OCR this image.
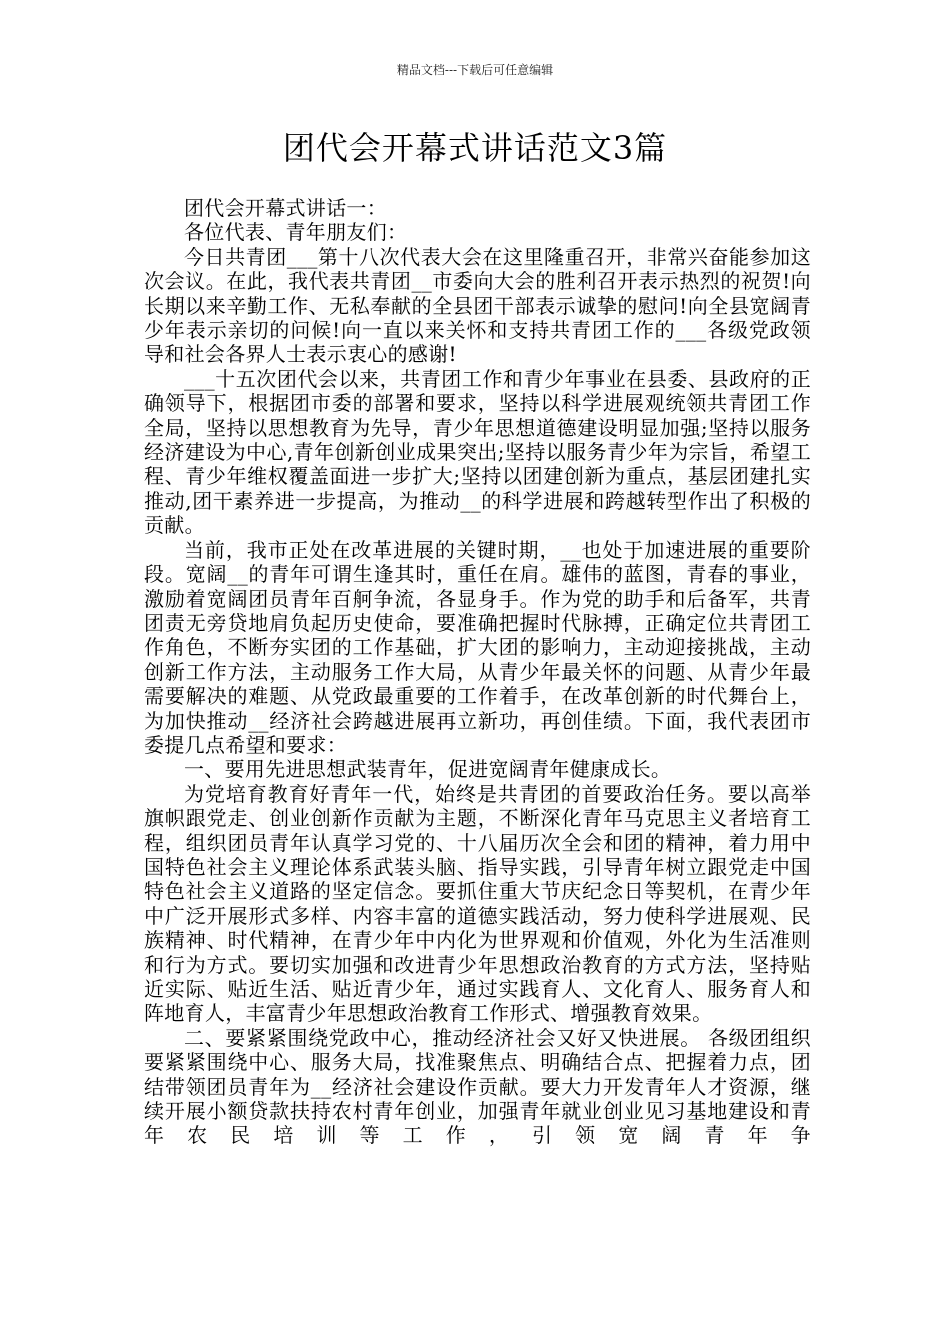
精品文档---下载后可任意编辑
团代会开幕式讲话范文3篇

团代会开幕式讲话一：

各位代表、青年朋友们：

今日共青团___第十八次代表大会在这里隆重召开，非常兴奋能参加这次会议。在此，我代表共青团__市委向大会的胜利召开表示热烈的祝贺!向长期以来辛勤工作、无私奉献的全县团干部表示诚挚的慰问!向全县宽阔青少年表示亲切的问候!向一直以来关怀和支持共青团工作的___各级党政领导和社会各界人士表示衷心的感谢!

___十五次团代会以来，共青团工作和青少年事业在县委、县政府的正确领导下，根据团市委的部署和要求，坚持以科学进展观统领共青团工作全局，坚持以思想教育为先导，青少年思想道德建设明显加强;坚持以服务经济建设为中心,青年创新创业成果突出;坚持以服务青少年为宗旨，希望工程、青少年维权覆盖面进一步扩大;坚持以团建创新为重点，基层团建扎实推动,团干素养进一步提高，为推动__的科学进展和跨越转型作出了积极的贡献。

当前，我市正处在改革进展的关键时期，__也处于加速进展的重要阶段。宽阔__的青年可谓生逢其时，重任在肩。雄伟的蓝图，青春的事业，激励着宽阔团员青年百舸争流，各显身手。作为党的助手和后备军，共青团责无旁贷地肩负起历史使命，要准确把握时代脉搏，正确定位共青团工作角色，不断夯实团的工作基础，扩大团的影响力，主动迎接挑战，主动创新工作方法，主动服务工作大局，从青少年最关怀的问题、从青少年最需要解决的难题、从党政最重要的工作着手，在改革创新的时代舞台上，为加快推动__经济社会跨越进展再立新功，再创佳绩。下面，我代表团市委提几点希望和要求：

一、要用先进思想武装青年，促进宽阔青年健康成长。

为党培育教育好青年一代，始终是共青团的首要政治任务。要以高举旗帜跟党走、创业创新作贡献为主题，不断深化青年马克思主义者培育工程，组织团员青年认真学习党的、十八届历次全会和团的精神，着力用中国特色社会主义理论体系武装头脑、指导实践，引导青年树立跟党走中国特色社会主义道路的坚定信念。要抓住重大节庆纪念日等契机，在青少年中广泛开展形式多样、内容丰富的道德实践活动，努力使科学进展观、民族精神、时代精神，在青少年中内化为世界观和价值观，外化为生活准则和行为方式。要切实加强和改进青少年思想政治教育的方式方法，坚持贴近实际、贴近生活、贴近青少年，通过实践育人、文化育人、服务育人和阵地育人，丰富青少年思想政治教育工作形式、增强教育效果。

二、要紧紧围绕党政中心，推动经济社会又好又快进展。 各级团组织要紧紧围绕中心、服务大局，找准聚焦点、明确结合点、把握着力点，团结带领团员青年为__经济社会建设作贡献。要大力开发青年人才资源，继续开展小额贷款扶持农村青年创业，加强青年就业创业见习基地建设和青年农民培训等工作，引领宽阔青年争
